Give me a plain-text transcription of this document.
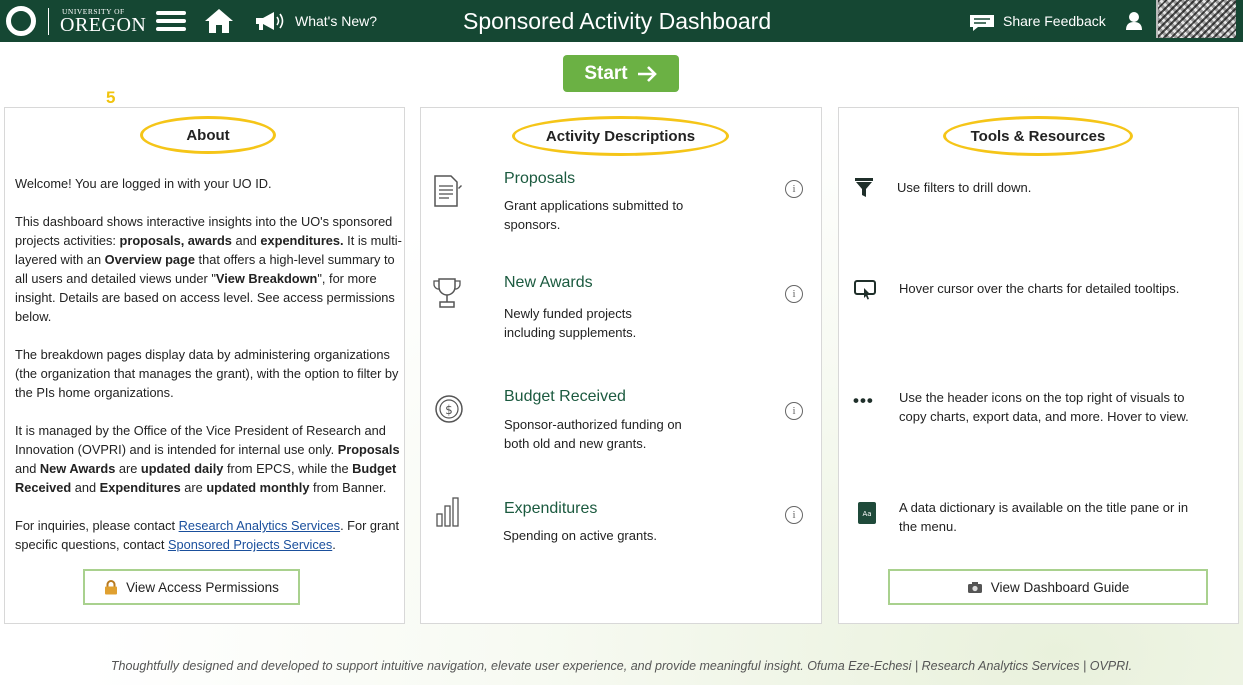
UNIVERSITY OF
OREGON	What's New?	Sponsored Activity Dashboard	Share Feedback
Start
5
About

Welcome! You are logged in with your UO ID.

This dashboard shows interactive insights into the UO's sponsored projects activities: proposals, awards and expenditures. It is multi-layered with an Overview page that offers a high-level summary to all users and detailed views under "View Breakdown", for more insight. Details are based on access level. See access permissions below.

The breakdown pages display data by administering organizations (the organization that manages the grant), with the option to filter by the PIs home organizations.

It is managed by the Office of the Vice President of Research and Innovation (OVPRI) and is intended for internal use only. Proposals and New Awards are updated daily from EPCS, while the Budget Received and Expenditures are updated monthly from Banner.

For inquiries, please contact Research Analytics Services. For grant specific questions, contact Sponsored Projects Services.

View Access Permissions
Activity Descriptions
Proposals
Grant applications submitted to
sponsors.
i
New Awards
Newly funded projects
including supplements.
i
$
Budget Received
Sponsor-authorized funding on
both old and new grants.
i
Expenditures
Spending on active grants.
i
Tools & Resources
Use filters to drill down.
Hover cursor over the charts for detailed tooltips.
•••	Use the header icons on the top right of visuals to
copy charts, export data, and more. Hover to view.
Aa A data dictionary is available on the title pane or in
the menu.
View Dashboard Guide
Thoughtfully designed and developed to support intuitive navigation, elevate user experience, and provide meaningful insight. Ofuma Eze-Echesi | Research Analytics Services | OVPRI.
